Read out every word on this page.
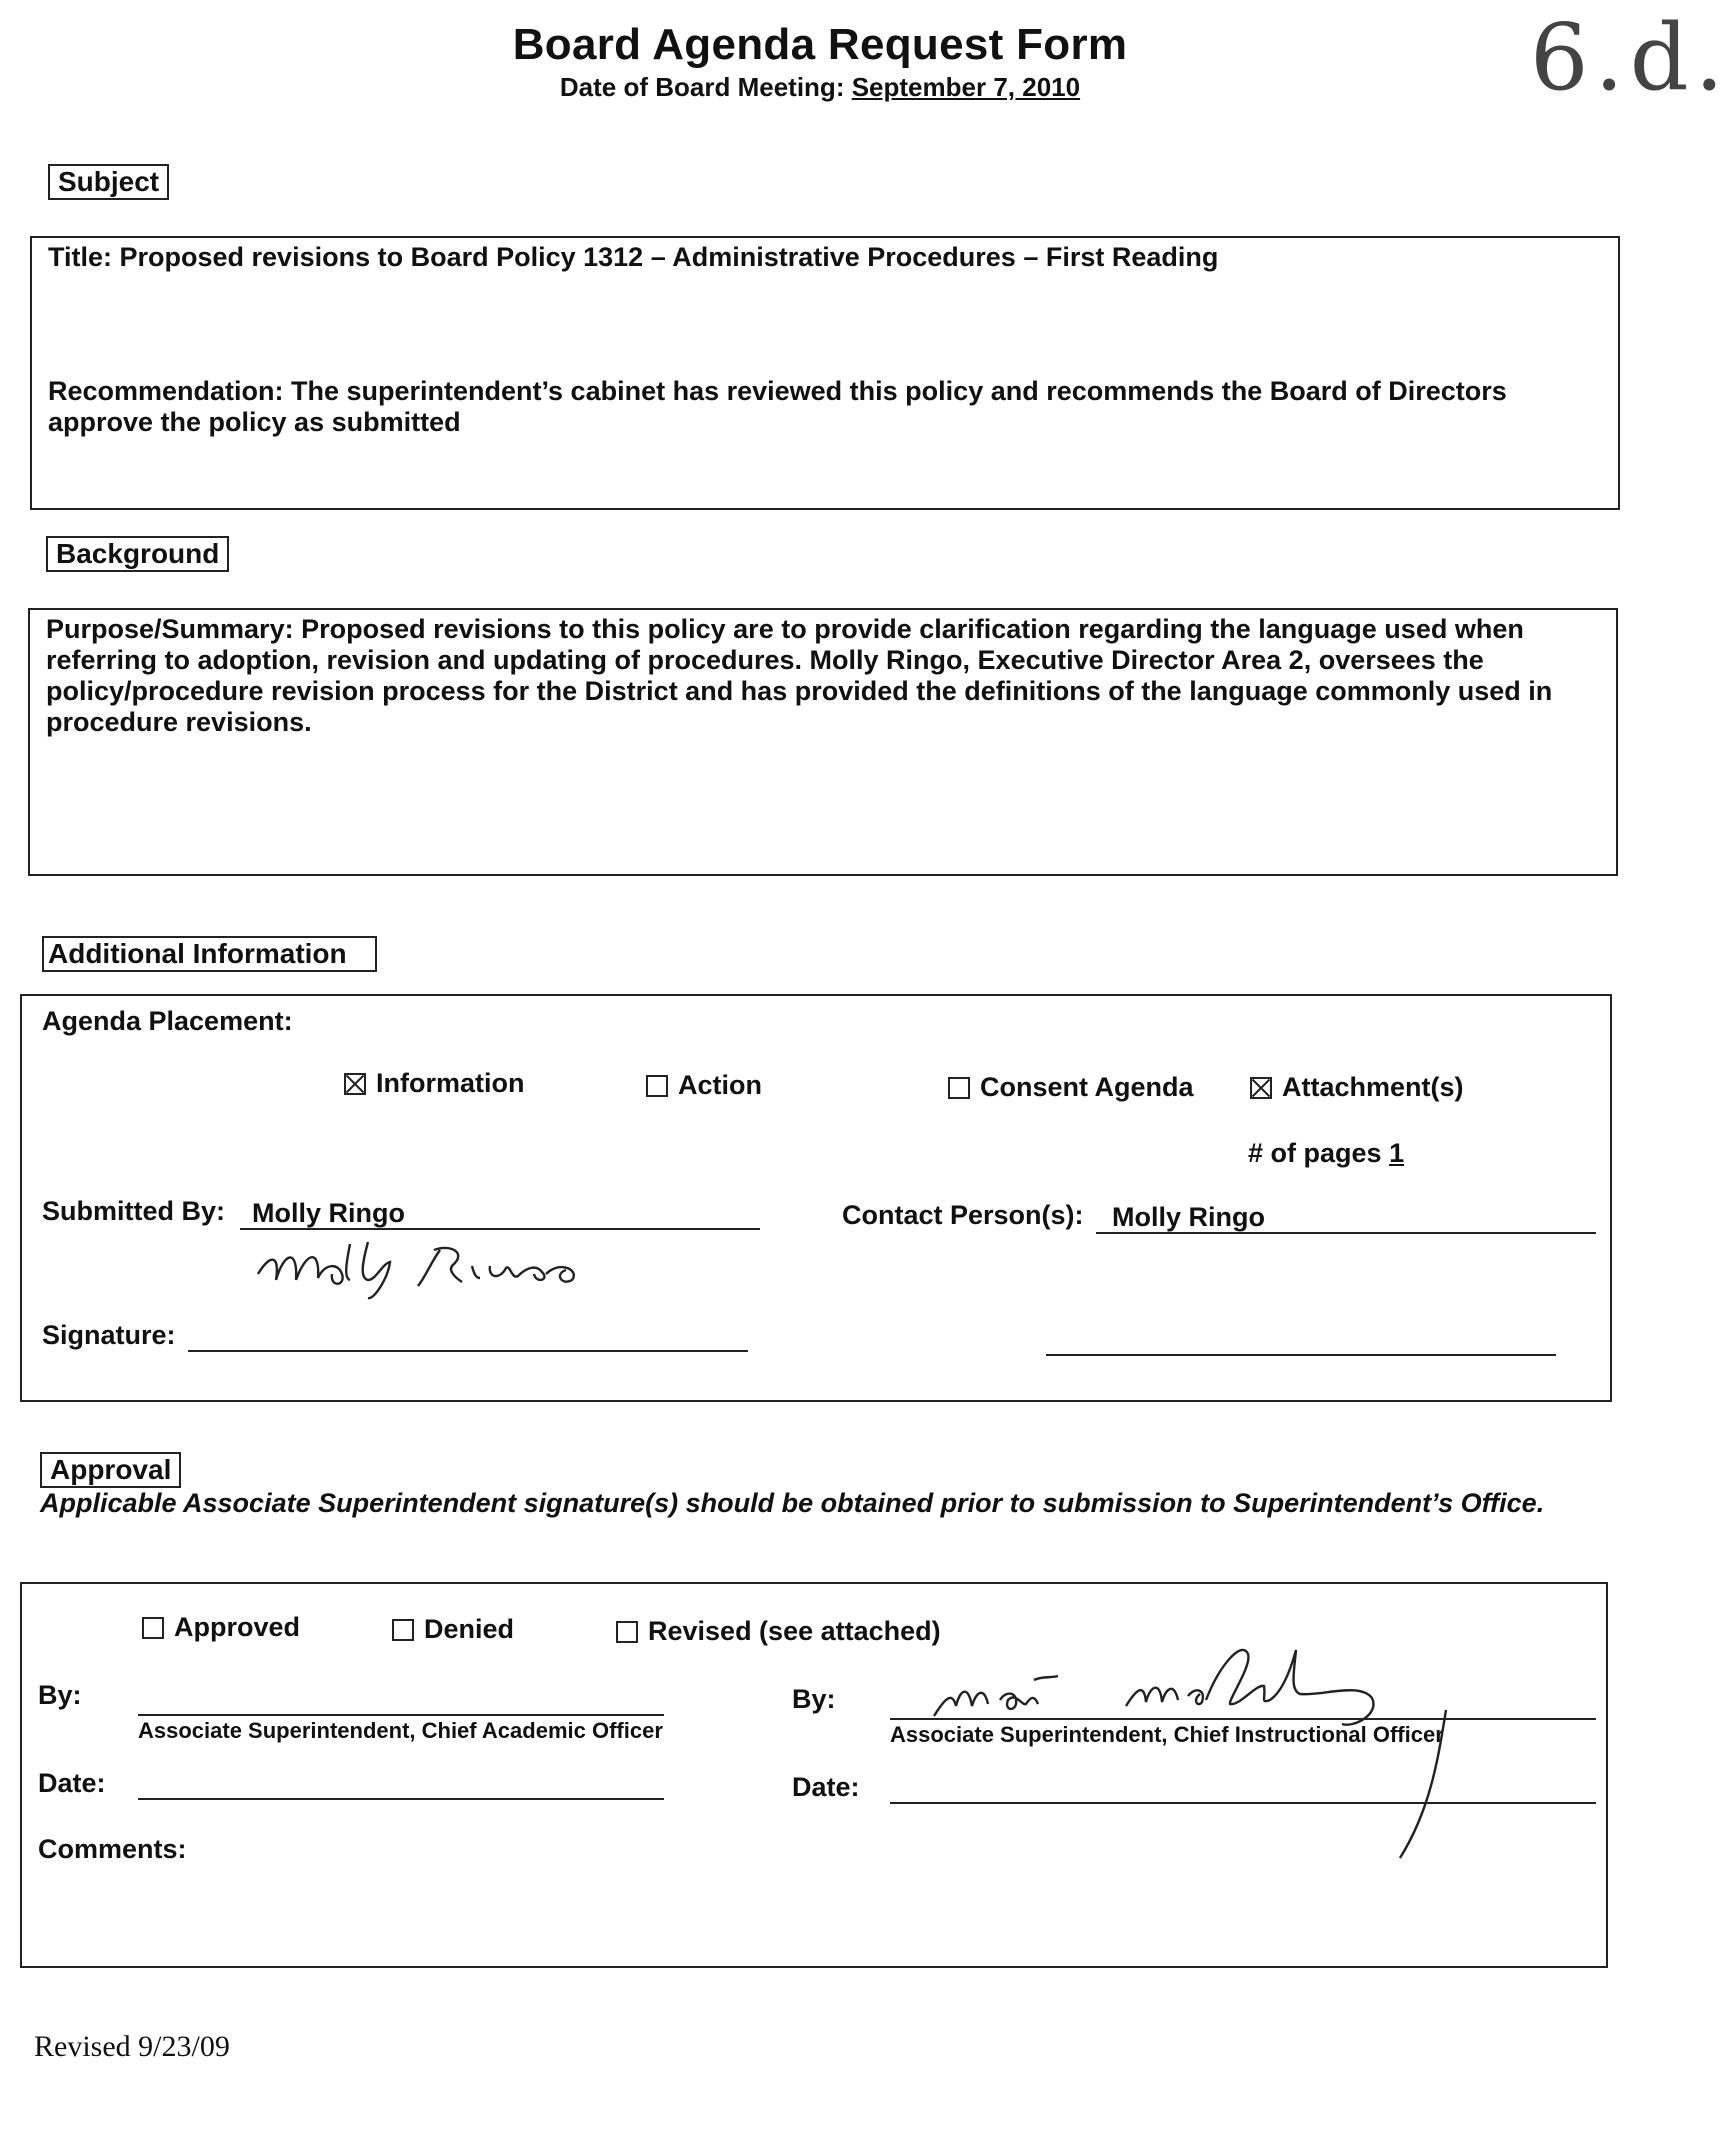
Board Agenda Request Form
Date of Board Meeting: September 7, 2010	6.d.
Subject
Title: Proposed revisions to Board Policy 1312 – Administrative Procedures – First Reading
Recommendation: The superintendent’s cabinet has reviewed this policy and recommends the Board of Directors approve the policy as submitted
Background
Purpose/Summary: Proposed revisions to this policy are to provide clarification regarding the language used when referring to adoption, revision and updating of procedures. Molly Ringo, Executive Director Area 2, oversees the policy/procedure revision process for the District and has provided the definitions of the language commonly used in procedure revisions.
Additional Information
Agenda Placement:
Information	Action	Consent Agenda	Attachment(s)
# of pages 1
Submitted By: Molly Ringo	Contact Person(s): Molly Ringo
Signature:
Approval
Applicable Associate Superintendent signature(s) should be obtained prior to submission to Superintendent’s Office.
Approved	Denied	Revised (see attached)
By:
Associate Superintendent, Chief Academic Officer
By:
Associate Superintendent, Chief Instructional Officer
Date:	Date:
Comments:
Revised 9/23/09
